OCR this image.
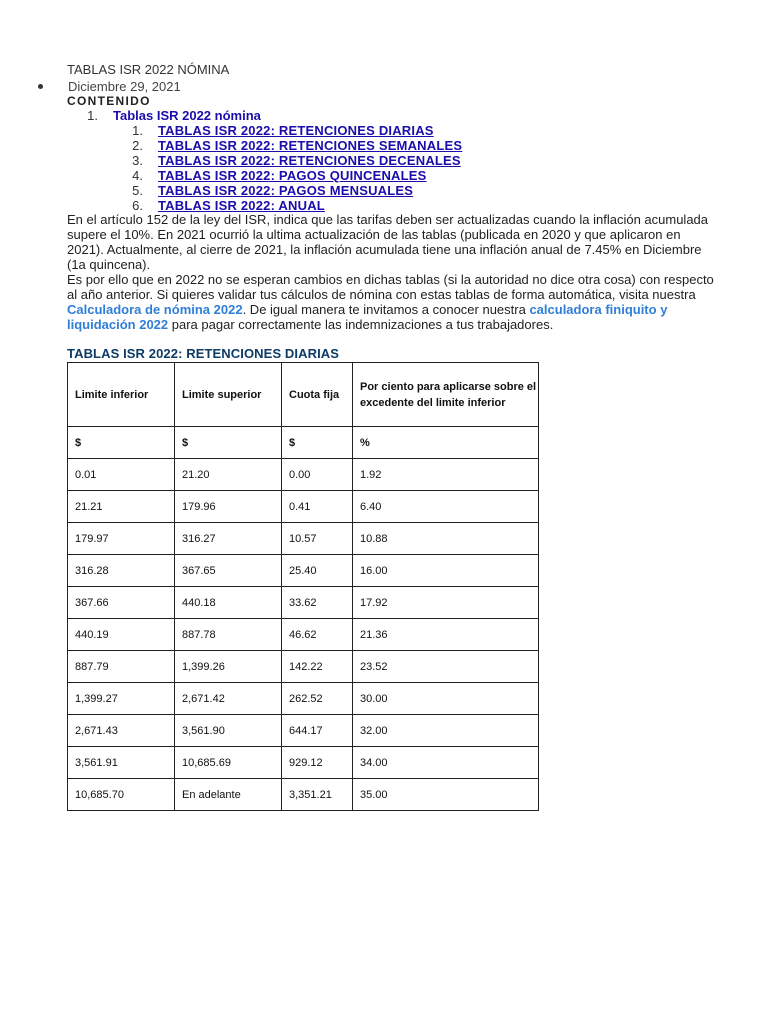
TABLAS ISR 2022 NÓMINA
Diciembre 29, 2021
CONTENIDO
1.	Tablas ISR 2022 nómina
1.	TABLAS ISR 2022: RETENCIONES DIARIAS
2.	TABLAS ISR 2022: RETENCIONES SEMANALES
3.	TABLAS ISR 2022: RETENCIONES DECENALES
4.	TABLAS ISR 2022: PAGOS QUINCENALES
5.	TABLAS ISR 2022: PAGOS MENSUALES
6.	TABLAS ISR 2022: ANUAL

En el artículo 152 de la ley del ISR, indica que las tarifas deben ser actualizadas cuando la inflación acumulada supere el 10%. En 2021 ocurrió la ultima actualización de las tablas (publicada en 2020 y que aplicaron en 2021). Actualmente, al cierre de 2021, la inflación acumulada tiene una inflación anual de 7.45% en Diciembre (1a quincena).

Es por ello que en 2022 no se esperan cambios en dichas tablas (si la autoridad no dice otra cosa) con respecto al año anterior. Si quieres validar tus cálculos de nómina con estas tablas de forma automática, visita nuestra Calculadora de nómina 2022. De igual manera te invitamos a conocer nuestra calculadora finiquito y liquidación 2022 para pagar correctamente las indemnizaciones a tus trabajadores.

TABLAS ISR 2022: RETENCIONES DIARIAS
Limite inferior	Limite superior	Cuota fija	Por ciento para aplicarse sobre el
excedente del limite inferior
$	$	$	%
0.01	21.20	0.00	1.92
21.21	179.96	0.41	6.40
179.97	316.27	10.57	10.88
316.28	367.65	25.40	16.00
367.66	440.18	33.62	17.92
440.19	887.78	46.62	21.36
887.79	1,399.26	142.22	23.52
1,399.27	2,671.42	262.52	30.00
2,671.43	3,561.90	644.17	32.00
3,561.91	10,685.69	929.12	34.00
10,685.70	En adelante	3,351.21	35.00
